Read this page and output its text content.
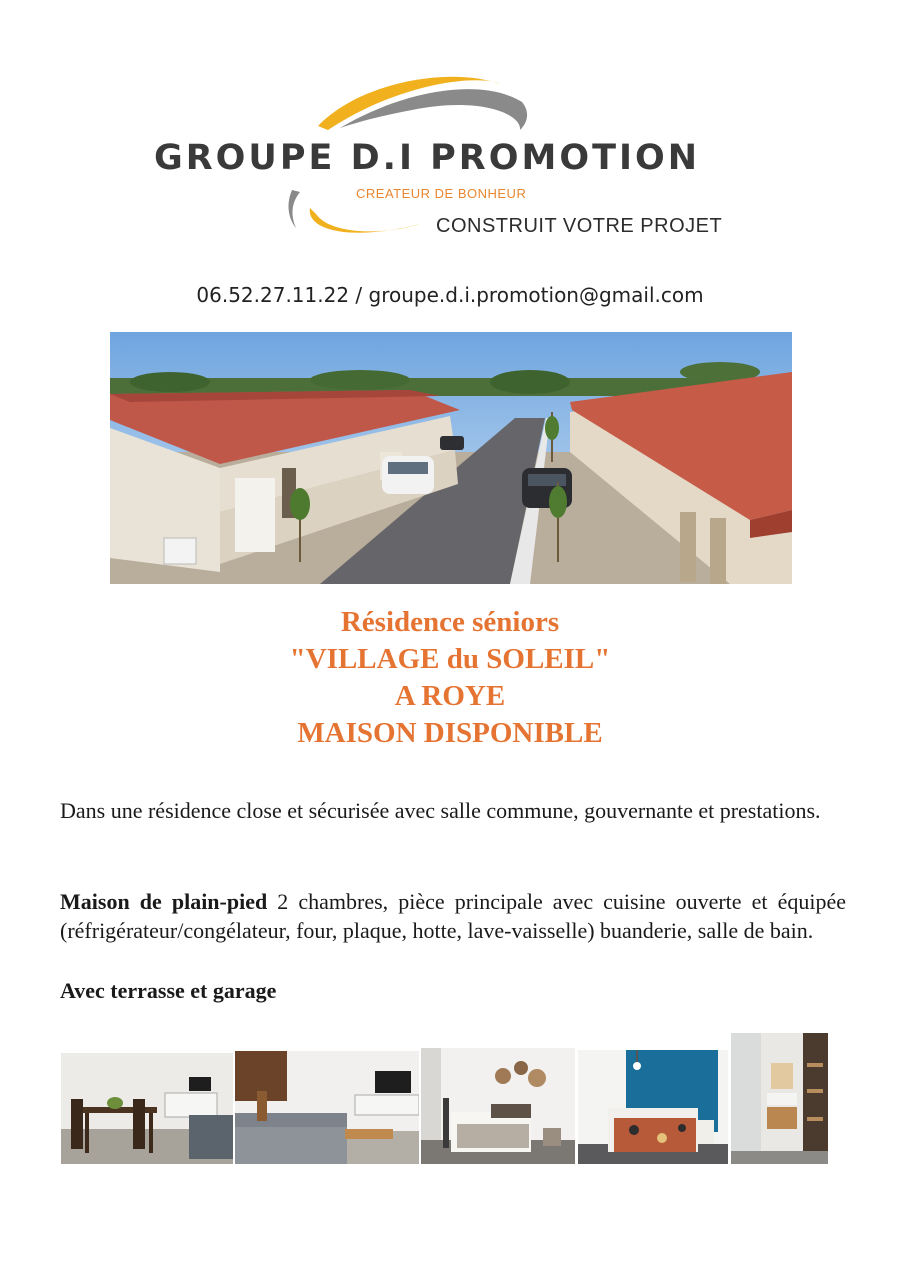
GROUPE D.I PROMOTION
CREATEUR DE BONHEUR
CONSTRUIT VOTRE PROJET
06.52.27.11.22 / groupe.d.i.promotion@gmail.com
Résidence séniors
"VILLAGE du SOLEIL"
A ROYE
MAISON DISPONIBLE
Dans une résidence close et sécurisée avec salle commune, gouvernante et prestations.
Maison de plain-pied 2 chambres, pièce principale avec cuisine ouverte et équipée (réfrigérateur/congélateur, four, plaque, hotte, lave-vaisselle) buanderie, salle de bain.
Avec terrasse et garage
